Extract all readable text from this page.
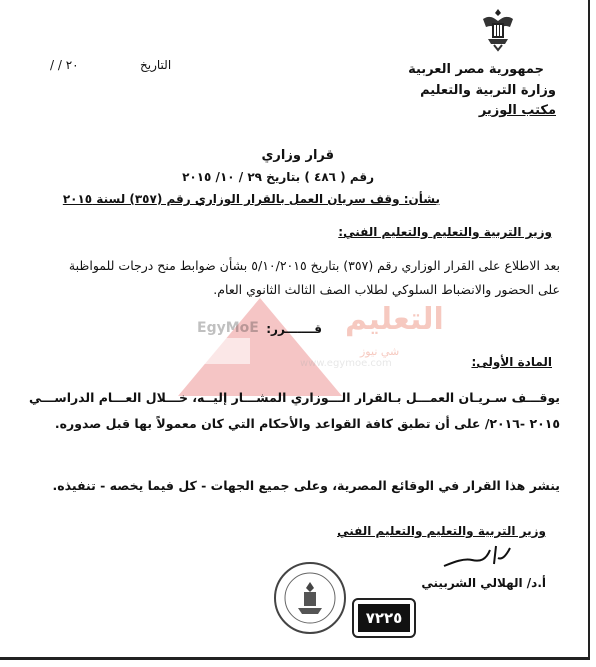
جمهورية مصر العربية
وزارة التربية والتعليم
مكتب الوزير
التاريخ
/ / ٢٠
قرار وزاري
رقم ( ٤٨٦ ) بتاريخ ٢٩ / ١٠/ ٢٠١٥
بشأن: وقف سريان العمل بالقرار الوزاري رقم (٣٥٧) لسنة ٢٠١٥
وزير التربية والتعليم والتعليم الفني:
بعد الاطلاع على القرار الوزاري رقم (٣٥٧) بتاريخ ٥/١٠/٢٠١٥ بشأن ضوابط منح درجات للمواظبة
على الحضور والانضباط السلوكي لطلاب الصف الثالث الثانوي العام.
EgyMoE	التعليم
شي نيوز
www.egymoe.com
قـــــــرر:
المادة الأولى:
يوقـــف سـريـان العمـــل بـالقرار الـــوزاري المشـــار إليــه، خـــلال العـــام الدراســـي
٢٠١٥ -٢٠١٦/ على أن تطبق كافة القواعد والأحكام التي كان معمولاً بها قبل صدوره.
ينشر هذا القرار في الوقائع المصرية، وعلى جميع الجهات - كل فيما يخصه - تنفيذه.
وزير التربية والتعليم والتعليم الفني
أ.د/ الهلالي الشربيني
٧٢٢٥
